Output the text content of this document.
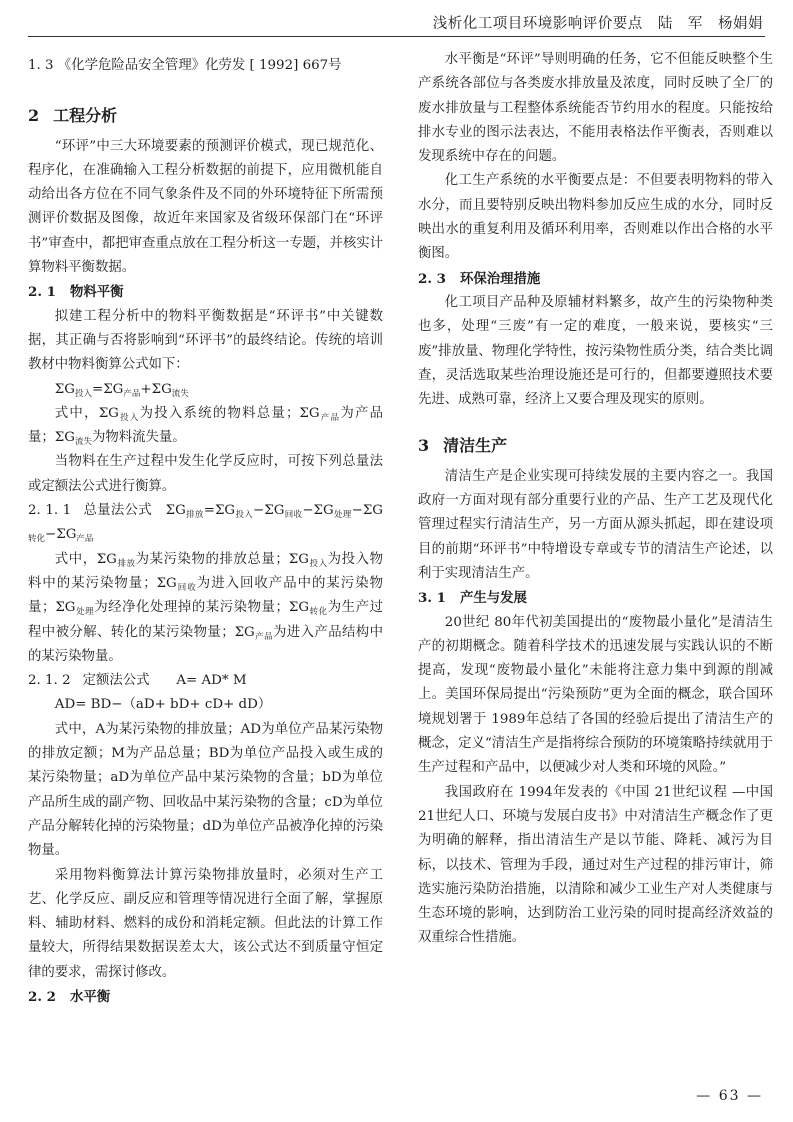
浅析化工项目环境影响评价要点 陆　军 杨娟娟

1. 3 《化学危险品安全管理》化劳发 [ 1992] 667号

2 工程分析

“环评”中三大环境要素的预测评价模式，现已规范化、程序化，在准确输入工程分析数据的前提下，应用微机能自动给出各方位在不同气象条件及不同的外环境特征下所需预测评价数据及图像，故近年来国家及省级环保部门在“环评书”审查中，都把审查重点放在工程分析这一专题，并核实计算物料平衡数据。

2. 1 物料平衡

拟建工程分析中的物料平衡数据是“环评书”中关键数据，其正确与否将影响到“环评书”的最终结论。传统的培训教材中物料衡算公式如下：

$\Sigma G_{投入}=\Sigma G_{产品}+\Sigma G_{流失}$

式中，$\Sigma G_{投入}$为投入系统的物料总量；$\Sigma G_{产品}$为产品量；$\Sigma G_{流失}$为物料流失量。

当物料在生产过程中发生化学反应时，可按下列总量法或定额法公式进行衡算。

2. 1. 1 总量法公式　 $\Sigma G_{排放}=\Sigma G_{投入}-\Sigma G_{回收}-\Sigma G_{处理}-\Sigma G_{转化}-\Sigma G_{产品}$

式中，$\Sigma G_{排放}$为某污染物的排放总量；$\Sigma G_{投入}$为投入物料中的某污染物量；$\Sigma G_{回收}$为进入回收产品中的某污染物量；$\Sigma G_{处理}$为经净化处理掉的某污染物量；$\Sigma G_{转化}$为生产过程中被分解、转化的某污染物量；$\Sigma G_{产品}$为进入产品结构中的某污染物量。

2. 1. 2 定额法公式　　 A= AD* M

AD= BD−（aD+ bD+ cD+ dD）

式中，A为某污染物的排放量；AD为单位产品某污染物的排放定额；M为产品总量；BD为单位产品投入或生成的某污染物量；aD为单位产品中某污染物的含量；bD为单位产品所生成的副产物、回收品中某污染物的含量；cD为单位产品分解转化掉的污染物量；dD为单位产品被净化掉的污染物量。

采用物料衡算法计算污染物排放量时，必须对生产工艺、化学反应、副反应和管理等情况进行全面了解，掌握原料、辅助材料、燃料的成份和消耗定额。但此法的计算工作量较大，所得结果数据误差太大，该公式达不到质量守恒定律的要求，需探讨修改。

2. 2 水平衡

水平衡是“环评”导则明确的任务，它不但能反映整个生产系统各部位与各类废水排放量及浓度，同时反映了全厂的废水排放量与工程整体系统能否节约用水的程度。只能按给排水专业的图示法表达，不能用表格法作平衡表，否则难以发现系统中存在的问题。

化工生产系统的水平衡要点是：不但要表明物料的带入水分，而且要特别反映出物料参加反应生成的水分，同时反映出水的重复利用及循环利用率，否则难以作出合格的水平衡图。

2. 3 环保治理措施

化工项目产品种及原辅材料繁多，故产生的污染物种类也多，处理“三废”有一定的难度，一般来说，要核实“三废”排放量、物理化学特性，按污染物性质分类，结合类比调查，灵活选取某些治理设施还是可行的，但都要遵照技术要先进、成熟可靠，经济上又要合理及现实的原则。

3 清洁生产

清洁生产是企业实现可持续发展的主要内容之一。我国政府一方面对现有部分重要行业的产品、生产工艺及现代化管理过程实行清洁生产，另一方面从源头抓起，即在建设项目的前期“环评书”中特增设专章或专节的清洁生产论述，以利于实现清洁生产。

3. 1 产生与发展

20世纪 80年代初美国提出的“废物最小量化”是清洁生产的初期概念。随着科学技术的迅速发展与实践认识的不断提高，发现“废物最小量化”未能将注意力集中到源的削减上。美国环保局提出“污染预防”更为全面的概念，联合国环境规划署于 1989年总结了各国的经验后提出了清洁生产的概念，定义“清洁生产是指将综合预防的环境策略持续就用于生产过程和产品中，以便减少对人类和环境的风险。”

我国政府在 1994年发表的《中国 21世纪议程 —中国 21世纪人口、环境与发展白皮书》中对清洁生产概念作了更为明确的解释，指出清洁生产是以节能、降耗、减污为目标，以技术、管理为手段，通过对生产过程的排污审计，筛选实施污染防治措施，以清除和减少工业生产对人类健康与生态环境的影响，达到防治工业污染的同时提高经济效益的双重综合性措施。

— 63 —
